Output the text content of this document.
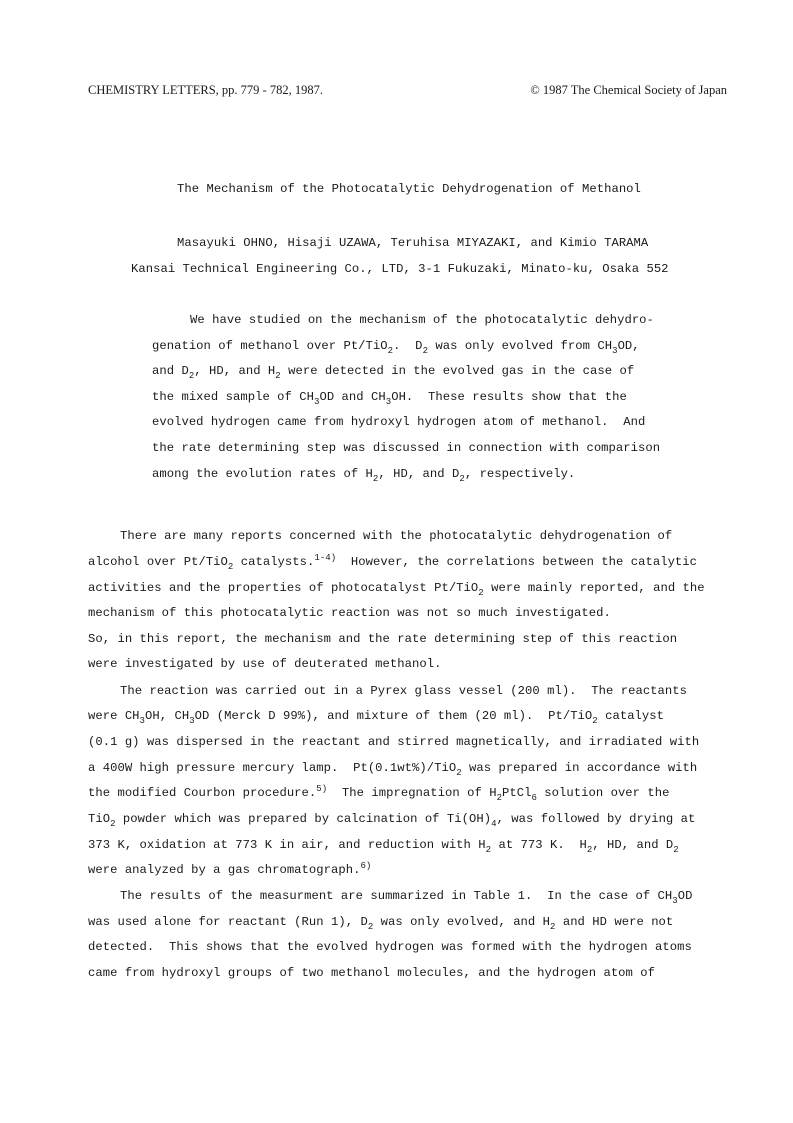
CHEMISTRY LETTERS, pp. 779 - 782, 1987.	© 1987 The Chemical Society of Japan
The Mechanism of the Photocatalytic Dehydrogenation of Methanol
Masayuki OHNO, Hisaji UZAWA, Teruhisa MIYAZAKI, and Kimio TARAMA
Kansai Technical Engineering Co., LTD, 3-1 Fukuzaki, Minato-ku, Osaka 552
We have studied on the mechanism of the photocatalytic dehydro-
genation of methanol over Pt/TiO$_2$.  $D_2$ was only evolved from $CH_3OD$,
and $D_2$, HD, and $H_2$ were detected in the evolved gas in the case of
the mixed sample of $CH_3OD$ and $CH_3OH$.  These results show that the
evolved hydrogen came from hydroxyl hydrogen atom of methanol.  And
the rate determining step was discussed in connection with comparison
among the evolution rates of $H_2$, HD, and $D_2$, respectively.
There are many reports concerned with the photocatalytic dehydrogenation of
alcohol over Pt/TiO$_2$ catalysts.$^{1-4)}$  However, the correlations between the catalytic
activities and the properties of photocatalyst Pt/TiO$_2$ were mainly reported, and the
mechanism of this photocatalytic reaction was not so much investigated.
So, in this report, the mechanism and the rate determining step of this reaction
were investigated by use of deuterated methanol.
The reaction was carried out in a Pyrex glass vessel (200 ml).  The reactants
were $CH_3OH$, $CH_3OD$ (Merck D 99%), and mixture of them (20 ml).  Pt/TiO$_2$ catalyst
(0.1 g) was dispersed in the reactant and stirred magnetically, and irradiated with
a 400W high pressure mercury lamp.  Pt(0.1wt%)/TiO$_2$ was prepared in accordance with
the modified Courbon procedure.$^{5)}$  The impregnation of $H_2PtCl_6$ solution over the
TiO$_2$ powder which was prepared by calcination of $Ti(OH)_4$, was followed by drying at
373 K, oxidation at 773 K in air, and reduction with $H_2$ at 773 K.  $H_2$, HD, and $D_2$
were analyzed by a gas chromatograph.$^{6)}$
The results of the measurment are summarized in Table 1.  In the case of $CH_3OD$
was used alone for reactant (Run 1), $D_2$ was only evolved, and $H_2$ and HD were not
detected.  This shows that the evolved hydrogen was formed with the hydrogen atoms
came from hydroxyl groups of two methanol molecules, and the hydrogen atom of
